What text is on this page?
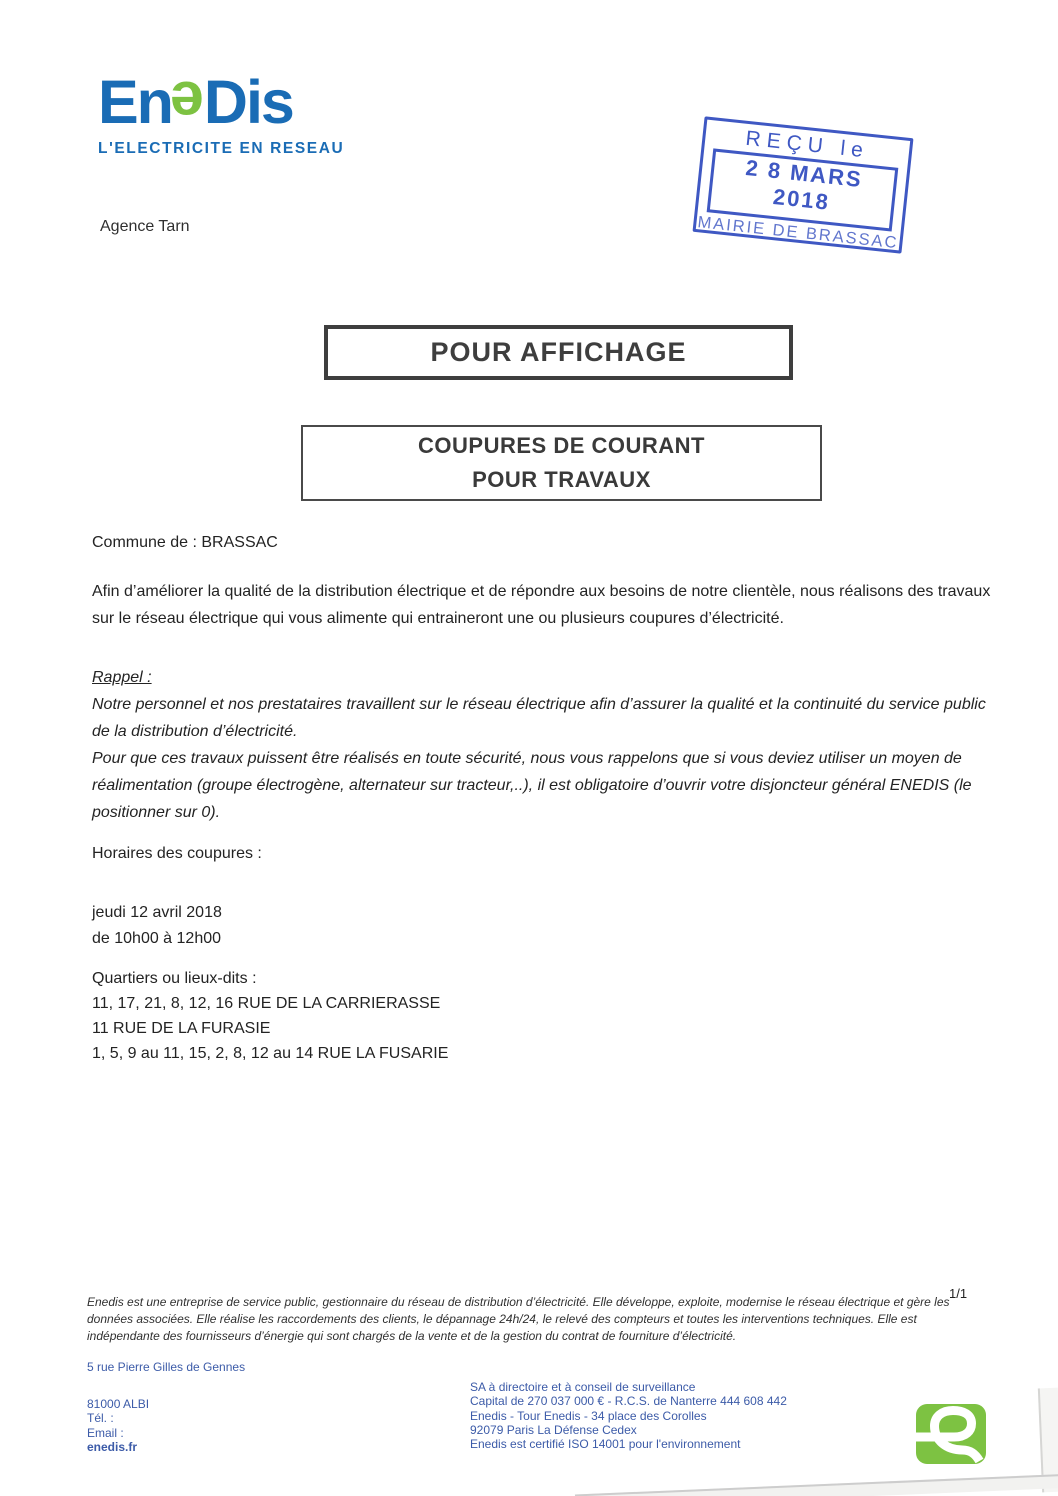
EneDis
L'ELECTRICITE EN RESEAU
Agence Tarn
REÇU le
2 8 MARS 2018
MAIRIE DE BRASSAC
POUR AFFICHAGE
COUPURES DE COURANT
POUR TRAVAUX
Commune de : BRASSAC
Afin d’améliorer la qualité de la distribution électrique et de répondre aux besoins de notre clientèle, nous réalisons des travaux sur le réseau électrique qui vous alimente qui entraineront une ou plusieurs coupures d’électricité.
Rappel :
Notre personnel et nos prestataires travaillent sur le réseau électrique afin d’assurer la qualité et la continuité du service public de la distribution d’électricité.
Pour que ces travaux puissent être réalisés en toute sécurité, nous vous rappelons que si vous deviez utiliser un moyen de réalimentation (groupe électrogène, alternateur sur tracteur,..), il est obligatoire d’ouvrir votre disjoncteur général ENEDIS (le positionner sur 0).
Horaires des coupures :
jeudi 12 avril 2018
de 10h00 à 12h00
Quartiers ou lieux-dits :
11, 17, 21, 8, 12, 16 RUE DE LA CARRIERASSE
11 RUE DE LA FURASIE
1, 5, 9 au 11, 15, 2, 8, 12 au 14 RUE LA FUSARIE
1/1
Enedis est une entreprise de service public, gestionnaire du réseau de distribution d’électricité. Elle développe, exploite, modernise le réseau électrique et gère les données associées. Elle réalise les raccordements des clients, le dépannage 24h/24, le relevé des compteurs et toutes les interventions techniques. Elle est indépendante des fournisseurs d’énergie qui sont chargés de la vente et de la gestion du contrat de fourniture d’électricité.
5 rue Pierre Gilles de Gennes
81000 ALBI
Tél. :
Email :
enedis.fr
SA à directoire et à conseil de surveillance
Capital de 270 037 000 € - R.C.S. de Nanterre 444 608 442
Enedis - Tour Enedis - 34 place des Corolles
92079 Paris La Défense Cedex
Enedis est certifié ISO 14001 pour l'environnement
